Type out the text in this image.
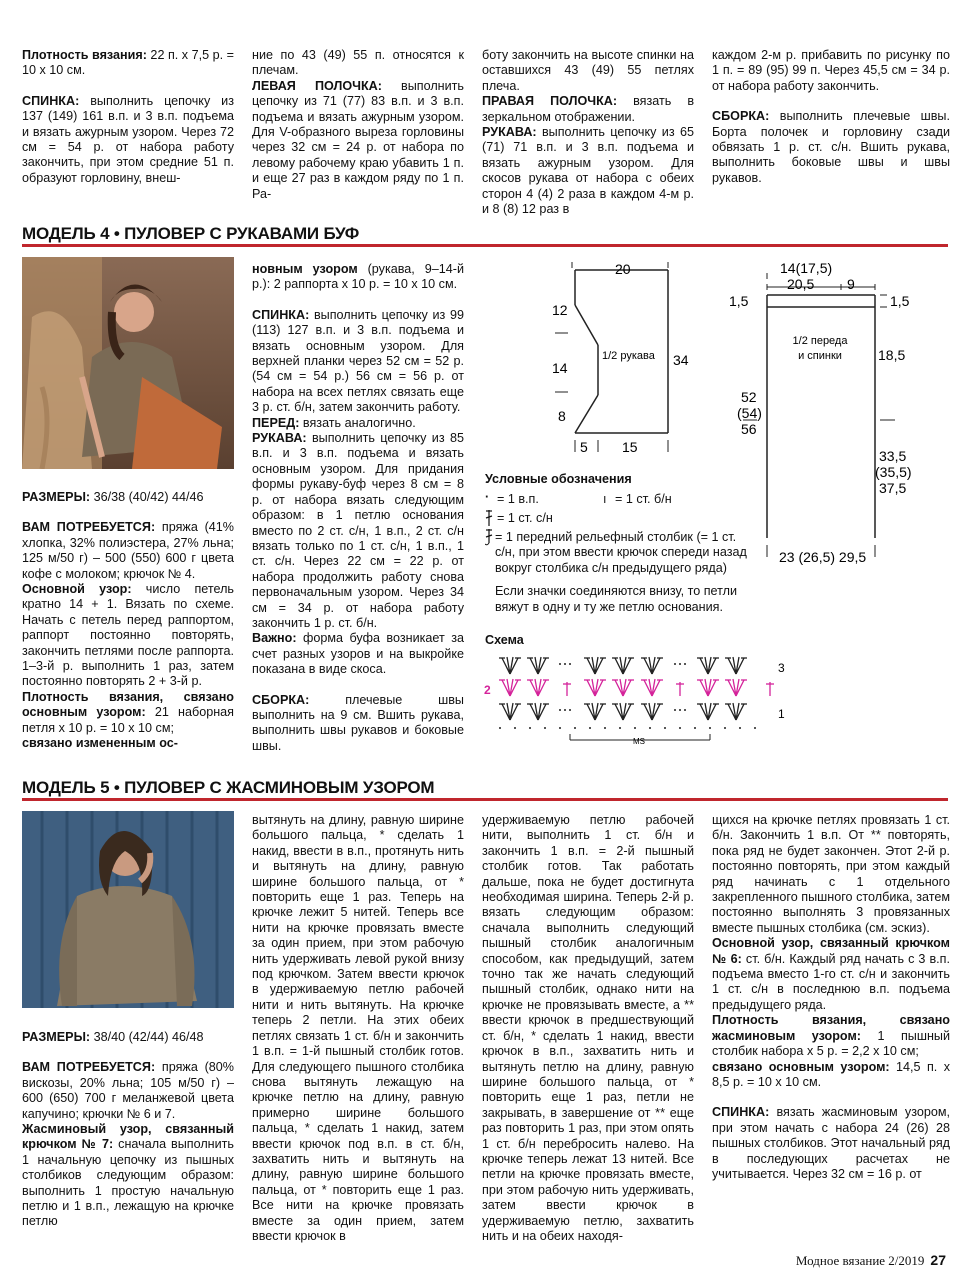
Плотность вязания: 22 п. х 7,5 р. = 10 х 10 см.

СПИНКА: выполнить цепочку из 137 (149) 161 в.п. и 3 в.п. подъема и вязать ажурным узором. Через 72 см = 54 р. от набора работу закончить, при этом средние 51 п. образуют горловину, внеш-

ние по 43 (49) 55 п. относятся к плечам.

ЛЕВАЯ ПОЛОЧКА: выполнить цепочку из 71 (77) 83 в.п. и 3 в.п. подъема и вязать ажурным узором. Для V-образного выреза горловины через 32 см = 24 р. от набора по левому рабочему краю убавить 1 п. и еще 27 раз в каждом ряду по 1 п. Ра-

боту закончить на высоте спинки на оставшихся 43 (49) 55 петлях плеча.

ПРАВАЯ ПОЛОЧКА: вязать в зеркальном отображении.

РУКАВА: выполнить цепочку из 65 (71) 71 в.п. и 3 в.п. подъема и вязать ажурным узором. Для скосов рукава от набора с обеих сторон 4 (4) 2 раза в каждом 4-м р. и 8 (8) 12 раз в

каждом 2-м р. прибавить по рисунку по 1 п. = 89 (95) 99 п. Через 45,5 см = 34 р. от набора работу закончить.

СБОРКА: выполнить плечевые швы. Борта полочек и горловину сзади обвязать 1 р. ст. с/н. Вшить рукава, выполнить боковые швы и швы рукавов.

МОДЕЛЬ 4 • ПУЛОВЕР С РУКАВАМИ БУФ

РАЗМЕРЫ: 36/38 (40/42) 44/46

ВАМ ПОТРЕБУЕТСЯ: пряжа (41% хлопка, 32% полиэстера, 27% льна; 125 м/50 г) – 500 (550) 600 г цвета кофе с молоком; крючок № 4.

Основной узор: число петель кратно 14 + 1. Вязать по схеме. Начать с петель перед раппортом, раппорт постоянно повторять, закончить петлями после раппорта. 1–3-й р. выполнить 1 раз, затем постоянно повторять 2 + 3-й р.

Плотность вязания, связано основным узором: 21 наборная петля х 10 р. = 10 х 10 см;

связано измененным ос-

новным узором (рукава, 9–14-й р.): 2 раппорта х 10 р. = 10 х 10 см.

СПИНКА: выполнить цепочку из 99 (113) 127 в.п. и 3 в.п. подъема и вязать основным узором. Для верхней планки через 52 см = 52 р. (54 см = 54 р.) 56 см = 56 р. от набора на всех петлях связать еще 3 р. ст. б/н, затем закончить работу.

ПЕРЕД: вязать аналогично.

РУКАВА: выполнить цепочку из 85 в.п. и 3 в.п. подъема и вязать основным узором. Для придания формы рукаву-буф через 8 см = 8 р. от набора вязать следующим образом: в 1 петлю основания вместо по 2 ст. с/н, 1 в.п., 2 ст. с/н вязать только по 1 ст. с/н, 1 в.п., 1 ст. с/н. Через 22 см = 22 р. от набора продолжить работу снова первоначальным узором. Через 34 см = 34 р. от набора работу закончить 1 р. ст. б/н.

Важно: форма буфа возникает за счет разных узоров и на выкройке показана в виде скоса.

СБОРКА: плечевые швы выполнить на 9 см. Вшить рукава, выполнить швы рукавов и боковые швы.

20
12
14
8
34
1/2 рукава
5 15
14(17,5)
20,5 9
1,5	1,5
1/2 переда
и спинки	18,5
52
(54)
56
33,5
(35,5)
37,5
23 (26,5) 29,5
Условные обозначения
· = 1 в.п.	ı = 1 ст. б/н
= 1 ст. с/н
= 1 передний рельефный столбик (= 1 ст.
с/н, при этом ввести крючок спереди назад
вокруг столбика с/н предыдущего ряда)
Если значки соединяются внизу, то петли
вяжут в одну и ту же петлю основания.
Схема
MS
3
2
1
МОДЕЛЬ 5 • ПУЛОВЕР С ЖАСМИНОВЫМ УЗОРОМ

РАЗМЕРЫ: 38/40 (42/44) 46/48

ВАМ ПОТРЕБУЕТСЯ: пряжа (80% вискозы, 20% льна; 105 м/50 г) – 600 (650) 700 г меланжевой цвета капучино; крючки № 6 и 7.

Жасминовый узор, связанный крючком № 7: сначала выполнить 1 начальную цепочку из пышных столбиков следующим образом: выполнить 1 простую начальную петлю и 1 в.п., лежащую на крючке петлю

вытянуть на длину, равную ширине большого пальца, * сделать 1 накид, ввести в в.п., протянуть нить и вытянуть на длину, равную ширине большого пальца, от * повторить еще 1 раз. Теперь на крючке лежит 5 нитей. Теперь все нити на крючке провязать вместе за один прием, при этом рабочую нить удерживать левой рукой внизу под крючком. Затем ввести крючок в удерживаемую петлю рабочей нити и нить вытянуть. На крючке теперь 2 петли. На этих обеих петлях связать 1 ст. б/н и закончить 1 в.п. = 1-й пышный столбик готов. Для следующего пышного столбика снова вытянуть лежащую на крючке петлю на длину, равную примерно ширине большого пальца, * сделать 1 накид, затем ввести крючок под в.п. в ст. б/н, захватить нить и вытянуть на длину, равную ширине большого пальца, от * повторить еще 1 раз. Все нити на крючке провязать вместе за один прием, затем ввести крючок в

удерживаемую петлю рабочей нити, выполнить 1 ст. б/н и закончить 1 в.п. = 2-й пышный столбик готов. Так работать дальше, пока не будет достигнута необходимая ширина. Теперь 2-й р. вязать следующим образом: сначала выполнить следующий пышный столбик аналогичным способом, как предыдущий, затем точно так же начать следующий пышный столбик, однако нити на крючке не провязывать вместе, а ** ввести крючок в предшествующий ст. б/н, * сделать 1 накид, ввести крючок в в.п., захватить нить и вытянуть петлю на длину, равную ширине большого пальца, от * повторить еще 1 раз, петли не закрывать, в завершение от ** еще раз повторить 1 раз, при этом опять 1 ст. б/н перебросить налево. На крючке теперь лежат 13 нитей. Все петли на крючке провязать вместе, при этом рабочую нить удерживать, затем ввести крючок в удерживаемую петлю, захватить нить и на обеих находя-

щихся на крючке петлях провязать 1 ст. б/н. Закончить 1 в.п. От ** повторять, пока ряд не будет закончен. Этот 2-й р. постоянно повторять, при этом каждый ряд начинать с 1 отдельного закрепленного пышного столбика, затем постоянно выполнять 3 провязанных вместе пышных столбика (см. эскиз).

Основной узор, связанный крючком № 6: ст. б/н. Каждый ряд начать с 3 в.п. подъема вместо 1-го ст. с/н и закончить 1 ст. с/н в последнюю в.п. подъема предыдущего ряда.

Плотность вязания, связано жасминовым узором: 1 пышный столбик набора х 5 р. = 2,2 х 10 см;

связано основным узором: 14,5 п. х 8,5 р. = 10 х 10 см.

СПИНКА: вязать жасминовым узором, при этом начать с набора 24 (26) 28 пышных столбиков. Этот начальный ряд в последующих расчетах не учитывается. Через 32 см = 16 р. от

Модное вязание 2/2019 27
